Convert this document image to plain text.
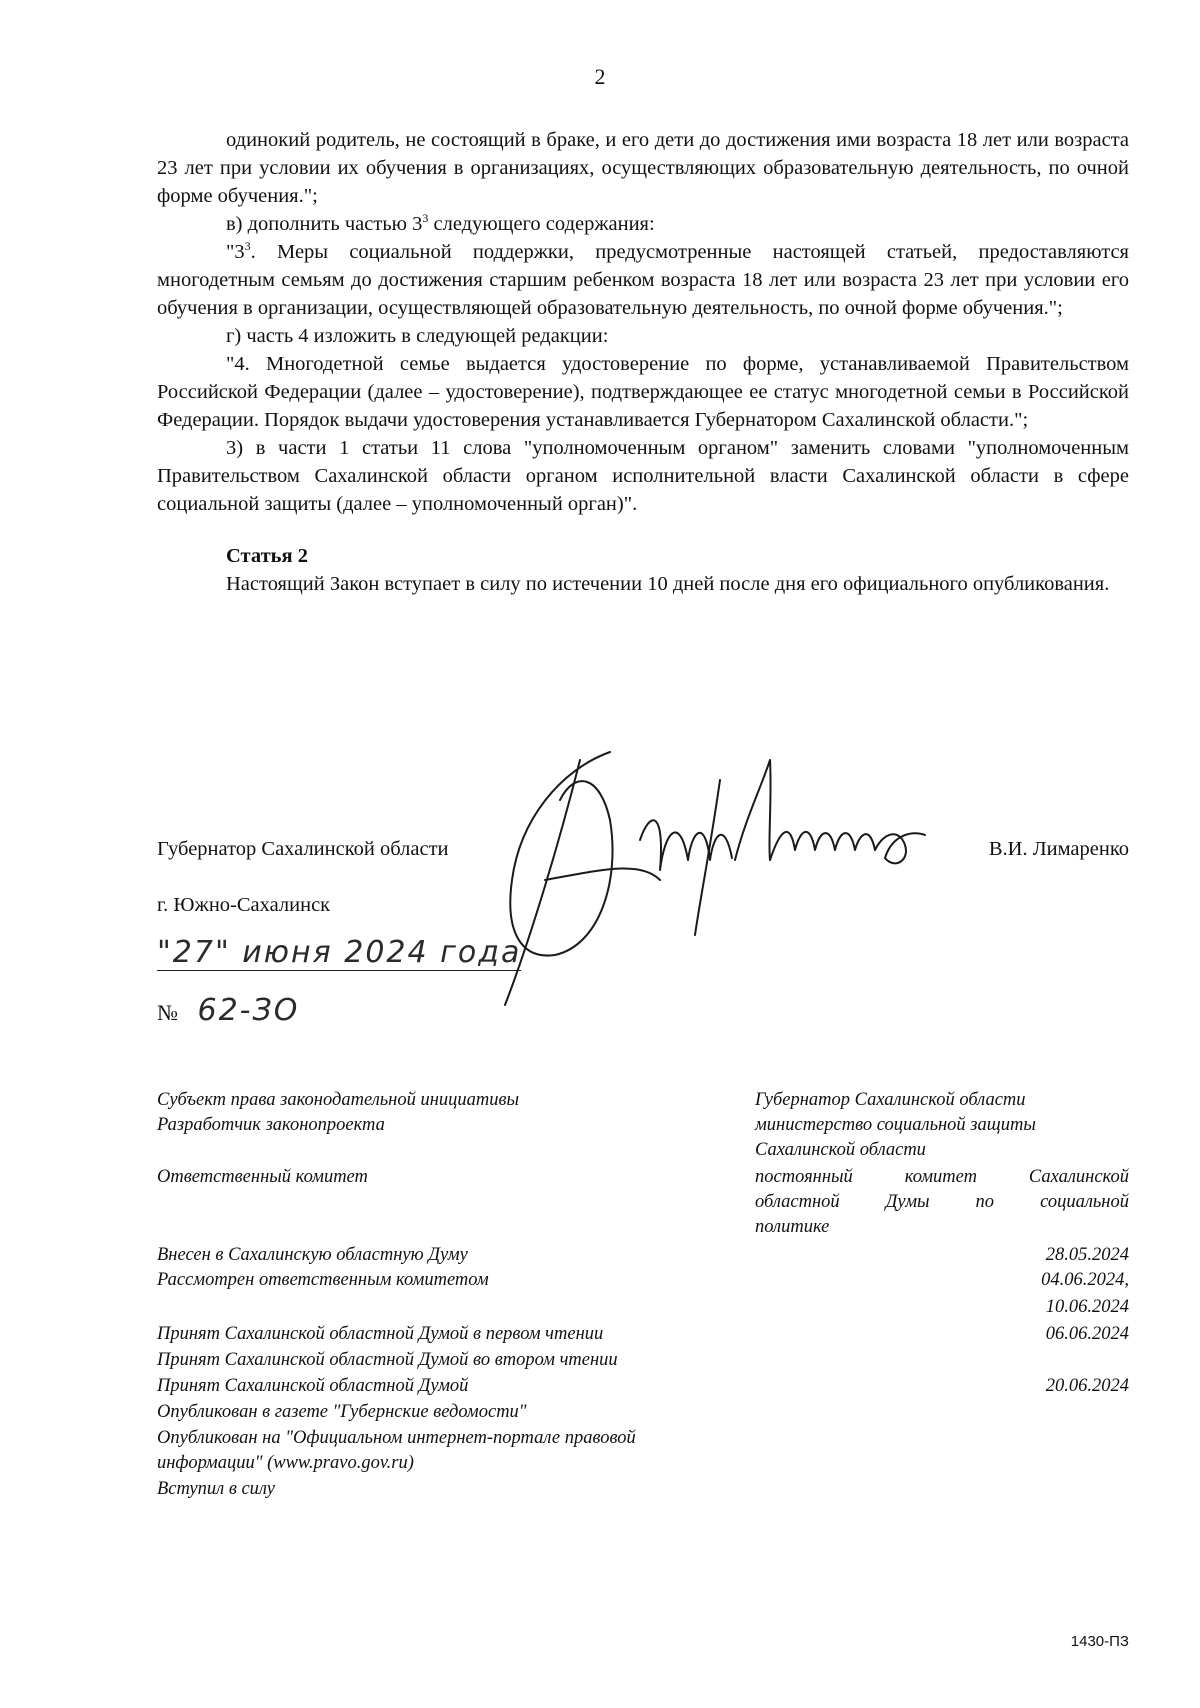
2

одинокий родитель, не состоящий в браке, и его дети до достижения ими возраста 18 лет или возраста 23 лет при условии их обучения в организациях, осуществляющих образовательную деятельность, по очной форме обучения.";

в) дополнить частью $3^3$ следующего содержания:

"$3^3$. Меры социальной поддержки, предусмотренные настоящей статьей, предоставляются многодетным семьям до достижения старшим ребенком возраста 18 лет или возраста 23 лет при условии его обучения в организации, осуществляющей образовательную деятельность, по очной форме обучения.";

г) часть 4 изложить в следующей редакции:

"4. Многодетной семье выдается удостоверение по форме, устанавливаемой Правительством Российской Федерации (далее – удостоверение), подтверждающее ее статус многодетной семьи в Российской Федерации. Порядок выдачи удостоверения устанавливается Губернатором Сахалинской области.";

3) в части 1 статьи 11 слова "уполномоченным органом" заменить словами "уполномоченным Правительством Сахалинской области органом исполнительной власти Сахалинской области в сфере социальной защиты (далее – уполномоченный орган)".

Статья 2

Настоящий Закон вступает в силу по истечении 10 дней после дня его официального опубликования.

Губернатор Сахалинской области	В.И. Лимаренко
г. Южно-Сахалинск
"27" июня 2024 года
№ 62-ЗО
Субъект права законодательной инициативы	Губернатор Сахалинской области
Разработчик законопроекта	министерство социальной защиты
Сахалинской области
Ответственный комитет	постоянный комитет Сахалинской
областной Думы по социальной
политике
Внесен в Сахалинскую областную Думу	28.05.2024
Рассмотрен ответственным комитетом	04.06.2024,
10.06.2024
Принят Сахалинской областной Думой в первом чтении	06.06.2024
Принят Сахалинской областной Думой во втором чтении
Принят Сахалинской областной Думой	20.06.2024
Опубликован в газете "Губернские ведомости"
Опубликован на "Официальном интернет-портале правовой
информации" (www.pravo.gov.ru)
Вступил в силу
1430-ПЗ
